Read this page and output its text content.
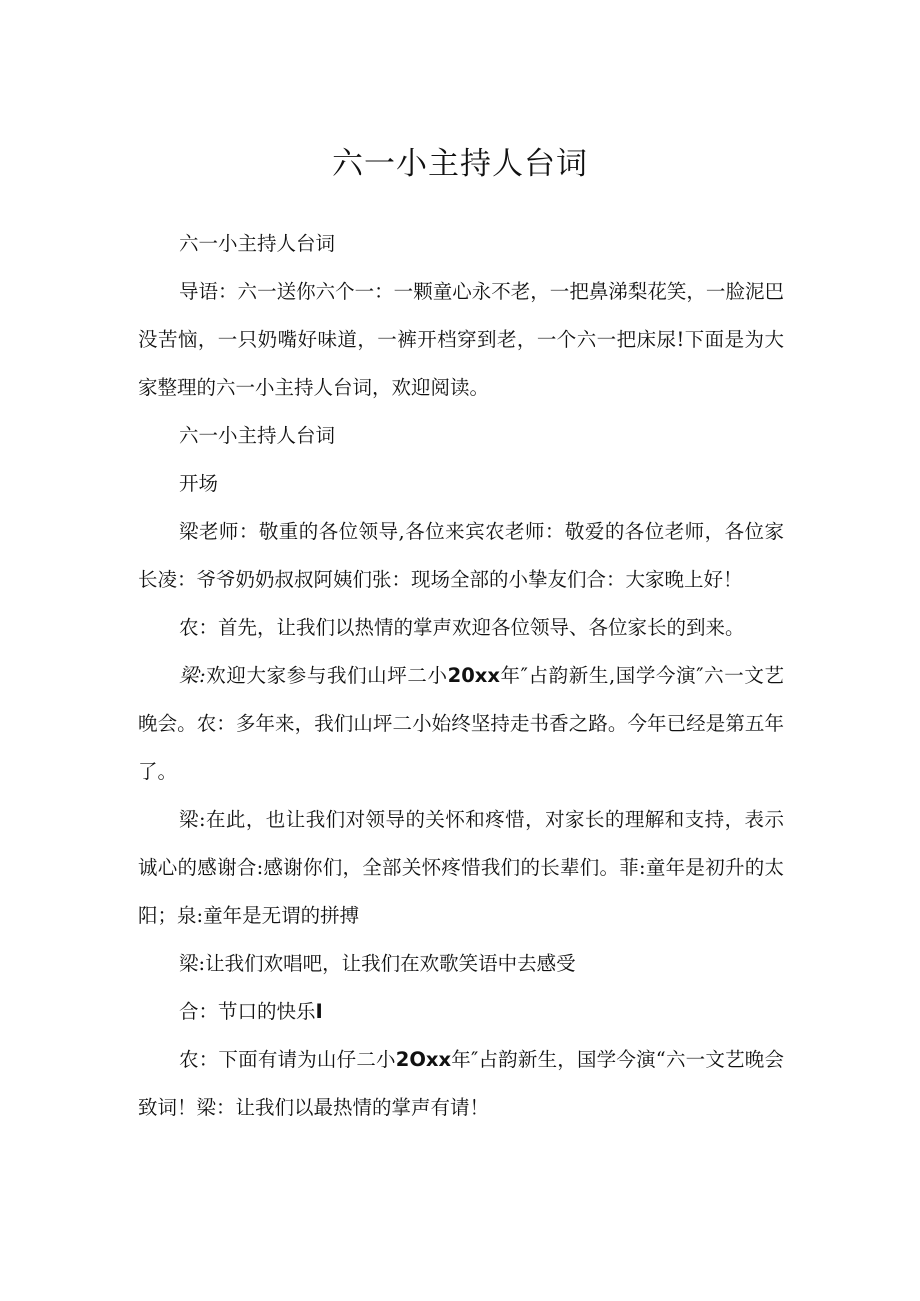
六一小主持人台词

六一小主持人台词

导语：六一送你六个一：一颗童心永不老，一把鼻涕梨花笑，一脸泥巴没苦恼，一只奶嘴好味道，一裤开档穿到老，一个六一把床尿!下面是为大家整理的六一小主持人台词，欢迎阅读。

六一小主持人台词

开场

梁老师：敬重的各位领导,各位来宾农老师：敬爱的各位老师，各位家长凌：爷爷奶奶叔叔阿姨们张：现场全部的小挚友们合：大家晚上好！

农：首先，让我们以热情的掌声欢迎各位领导、各位家长的到来。

梁:欢迎大家参与我们山坪二小20xx年″占韵新生,国学今演″六一文艺晚会。农：多年来，我们山坪二小始终坚持走书香之路。今年已经是第五年了。

梁:在此，也让我们对领导的关怀和疼惜，对家长的理解和支持，表示诚心的感谢合:感谢你们，全部关怀疼惜我们的长辈们。菲:童年是初升的太阳；泉:童年是无谓的拼搏

梁:让我们欢唱吧，让我们在欢歌笑语中去感受

合：节口的快乐I

农：下面有请为山仔二小2Oxx年″占韵新生，国学今演“六一文艺晚会致词！梁：让我们以最热情的掌声有请！
